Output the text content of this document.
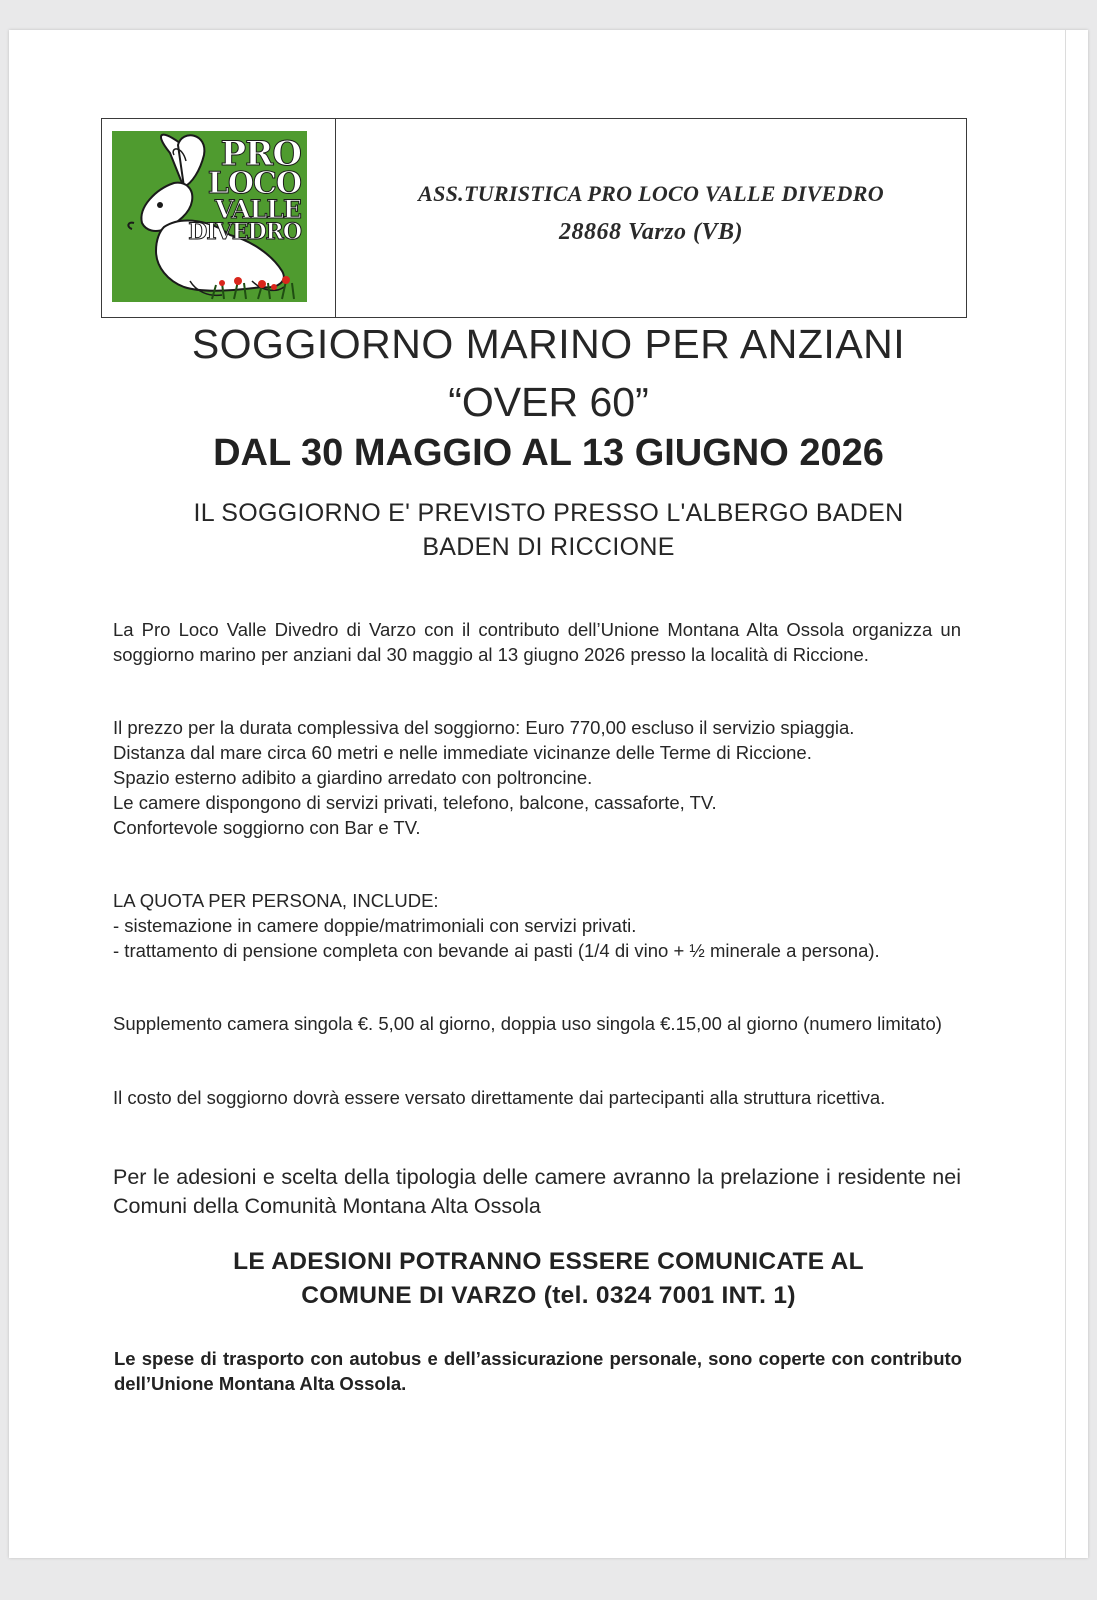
PRO
LOCO
VALLE
DIVEDRO
ASS.TURISTICA PRO LOCO VALLE DIVEDRO
28868 Varzo (VB)
SOGGIORNO MARINO PER ANZIANI
“OVER 60”
DAL 30 MAGGIO AL 13 GIUGNO 2026
IL SOGGIORNO E' PREVISTO PRESSO L'ALBERGO BADEN
BADEN DI RICCIONE

La Pro Loco Valle Divedro di Varzo con il contributo dell’Unione Montana Alta Ossola organizza un soggiorno marino per anziani dal 30 maggio al 13 giugno 2026 presso la località di Riccione.

Il prezzo per la durata complessiva del soggiorno: Euro 770,00 escluso il servizio spiaggia.

Distanza dal mare circa 60 metri e nelle immediate vicinanze delle Terme di Riccione.

Spazio esterno adibito a giardino arredato con poltroncine.

Le camere dispongono di servizi privati, telefono, balcone, cassaforte, TV.

Confortevole soggiorno con Bar e TV.

LA QUOTA PER PERSONA, INCLUDE:

- sistemazione in camere doppie/matrimoniali con servizi privati.

- trattamento di pensione completa con bevande ai pasti (1/4 di vino + ½ minerale a persona).

Supplemento camera singola €. 5,00 al giorno, doppia uso singola €.15,00 al giorno (numero limitato)

Il costo del soggiorno dovrà essere versato direttamente dai partecipanti alla struttura ricettiva.

Per le adesioni e scelta della tipologia delle camere avranno la prelazione i residente nei Comuni della Comunità Montana Alta Ossola

LE ADESIONI POTRANNO ESSERE COMUNICATE AL
COMUNE DI VARZO (tel. 0324 7001 INT. 1)

Le spese di trasporto con autobus e dell’assicurazione personale, sono coperte con contributo dell’Unione Montana Alta Ossola.
